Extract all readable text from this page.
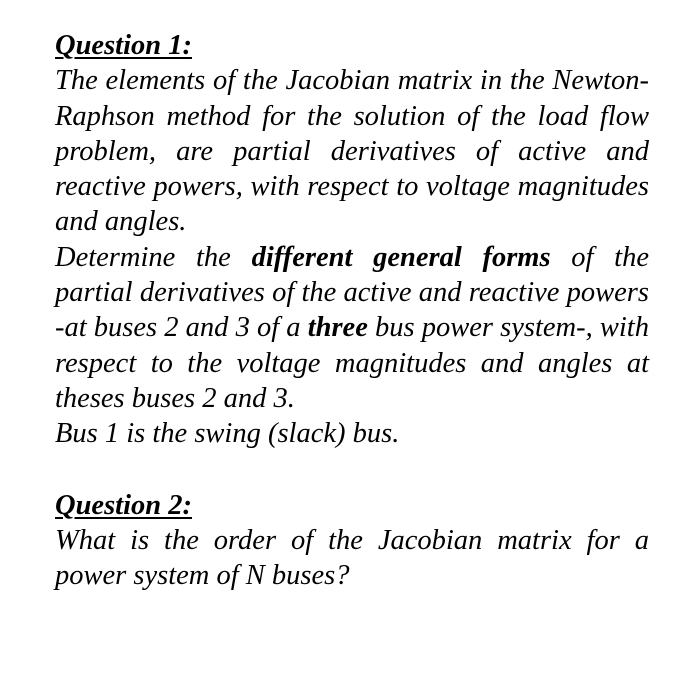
Question 1:

The elements of the Jacobian matrix in the Newton-Raphson method for the solution of the load flow problem, are partial derivatives of active and reactive powers, with respect to voltage magnitudes and angles.

Determine the different general forms of the partial derivatives of the active and reactive powers -at buses 2 and 3 of a three bus power system-, with respect to the voltage magnitudes and angles at theses buses 2 and 3.

Bus 1 is the swing (slack) bus.

Question 2:

What is the order of the Jacobian matrix for a power system of N buses?
